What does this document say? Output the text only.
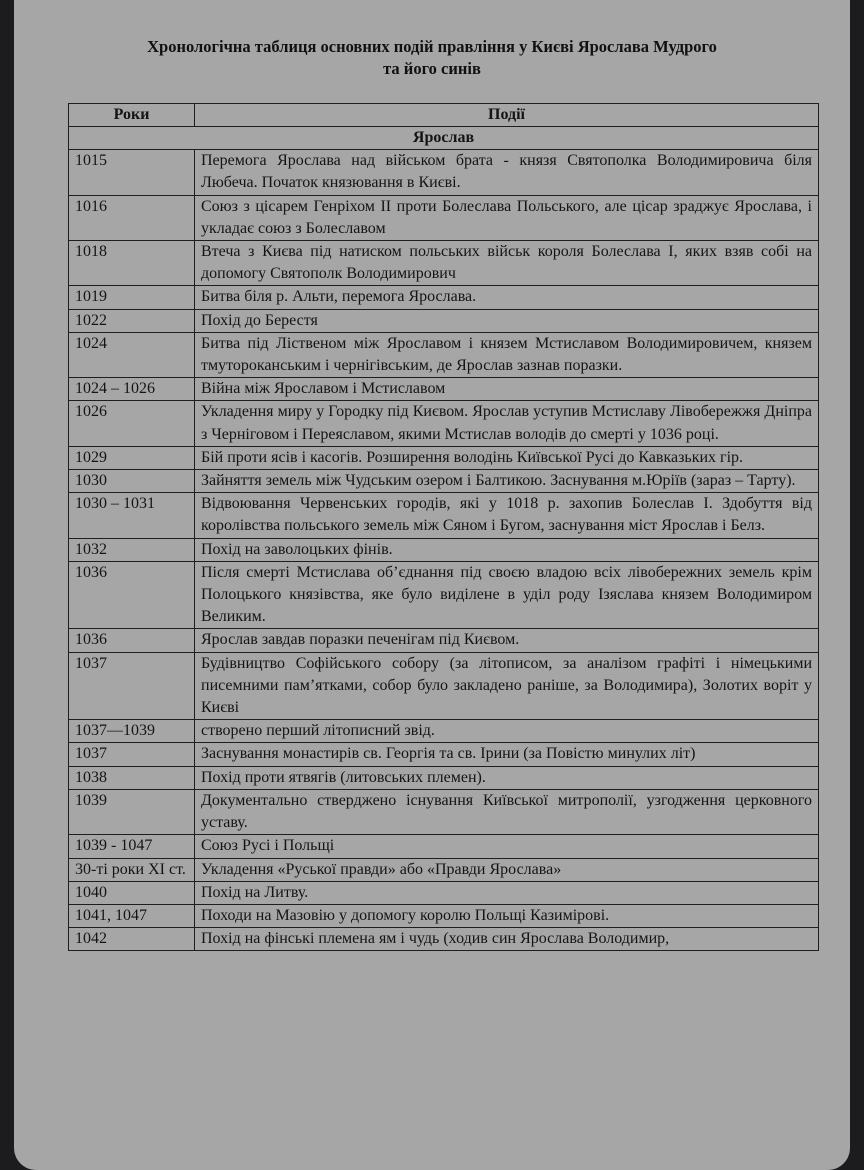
Хронологічна таблиця основних подій правління у Києві Ярослава Мудрого
та його синів
Роки	Події
Ярослав	
1015	Перемога Ярослава над військом брата - князя Святополка Володимировича біля Любеча. Початок князювання в Києві.
1016	Союз з цісарем Генріхом II проти Болеслава Польського, але цісар зраджує Ярослава, і укладає союз з Болеславом
1018	Втеча з Києва під натиском польських військ короля Болеслава І, яких взяв собі на допомогу Святополк Володимирович
1019	Битва біля р. Альти, перемога Ярослава.
1022	Похід до Берестя
1024	Битва під Лiственом між Ярославом і князем Мстиславом Володимировичем, князем тмутороканським і чернігівським, де Ярослав зазнав поразки.
1024 – 1026	Війна між Ярославом і Мстиславом
1026	Укладення миру у Городку під Києвом. Ярослав уступив Мстиславу Лівобережжя Дніпра з Черніговом і Переяславом, якими Мстислав володів до смерті у 1036 році.
1029	Бій проти ясів і касогів. Розширення володінь Київської Русі до Кавказьких гір.
1030	Зайняття земель між Чудським озером і Балтикою. Заснування м.Юріїв (зараз – Тарту).
1030 – 1031	Відвоювання Червенських городів, які у 1018 р. захопив Болеслав І. Здобуття від королівства польського земель між Сяном і Бугом, заснування міст Ярослав і Белз.
1032	Похід на заволоцьких фінів.
1036	Після смерті Мстислава об’єднання під своєю владою всіх лівобережних земель крім Полоцького князівства, яке було виділене в уділ роду Ізяслава князем Володимиром Великим.
1036	Ярослав завдав поразки печенігам під Києвом.
1037	Будівництво Софійського собору (за літописом, за аналізом графіті і німецькими писемними пам’ятками, собор було закладено раніше, за Володимира), Золотих воріт у Києві
1037—1039	створено перший літописний звід.
1037	Заснування монастирів св. Георгія та св. Ірини (за Повістю минулих літ)
1038	Похід проти ятвягів (литовських племен).
1039	Документально стверджено існування Київської митрополії, узгодження церковного уставу.
1039 - 1047	Союз Русі і Польщі
30-ті роки XI ст.	Укладення «Руської правди» або «Правди Ярослава»
1040	Похід на Литву.
1041, 1047	Походи на Мазовію у допомогу королю Польщі Казимірові.
1042	Похід на фінські племена ям і чудь (ходив син Ярослава Володимир,
